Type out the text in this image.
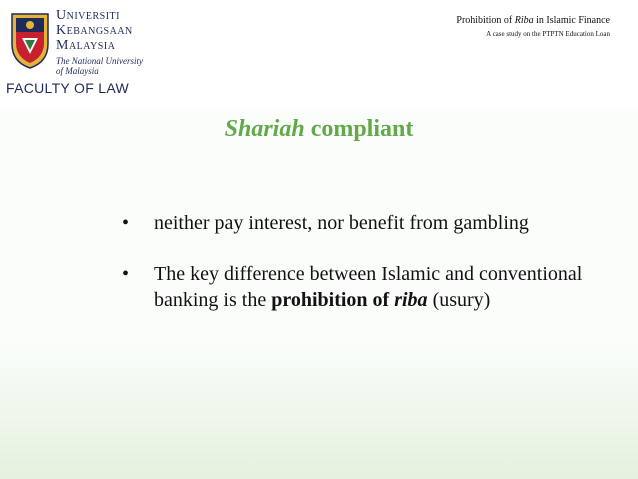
Universiti
Kebangsaan
Malaysia
The National University
of Malaysia
FACULTY OF LAW
Prohibition of Riba in Islamic Finance
A case study on the PTPTN Education Loan
Shariah compliant
• neither pay interest, nor benefit from gambling
• The key difference between Islamic and conventional banking is the prohibition of riba (usury)
